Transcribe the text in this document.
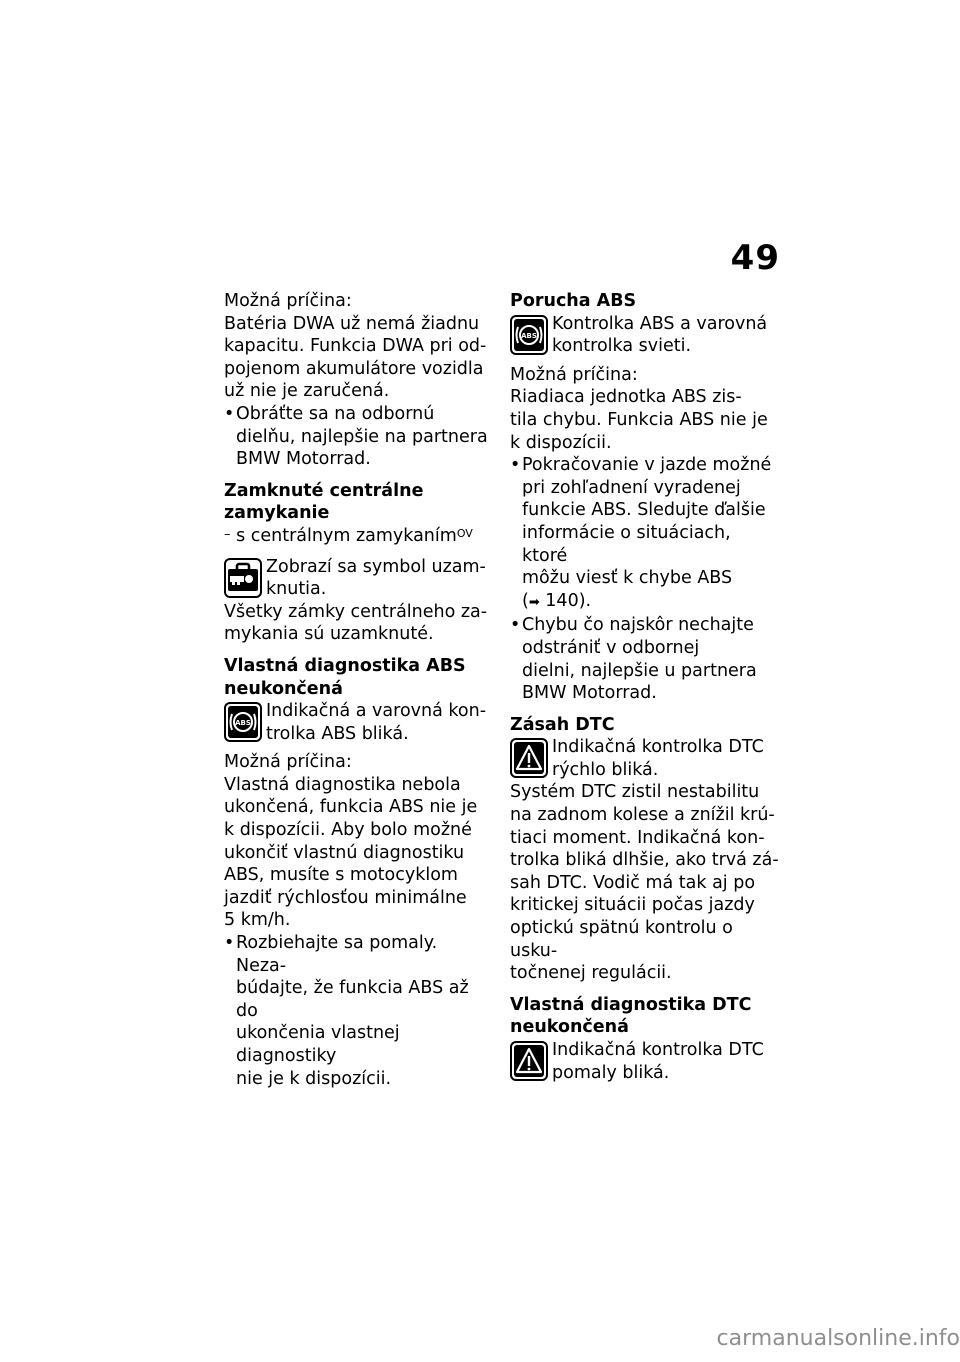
49

Možná príčina:

Batéria DWA už nemá žiadnu

kapacitu. Funkcia DWA pri od-

pojenom akumulátore vozidla

už nie je zaručená.

• Obráťte sa na odbornú

dielňu, najlepšie na partnera

BMW Motorrad.

Zamknuté centrálne

zamykanie

– s centrálnym zamykaním$^{OV}$

Zobrazí sa symbol uzam-

knutia.

Všetky zámky centrálneho za-

mykania sú uzamknuté.

Vlastná diagnostika ABS

neukončená

ABS

Indikačná a varovná kon-

trolka ABS bliká.

Možná príčina:

Vlastná diagnostika nebola

ukončená, funkcia ABS nie je

k dispozícii. Aby bolo možné

ukončiť vlastnú diagnostiku

ABS, musíte s motocyklom

jazdiť rýchlosťou minimálne

5 km/h.

• Rozbiehajte sa pomaly. Neza-

búdajte, že funkcia ABS až do

ukončenia vlastnej diagnostiky

nie je k dispozícii.

Porucha ABS

ABS

Kontrolka ABS a varovná

kontrolka svieti.

Možná príčina:

Riadiaca jednotka ABS zis-

tila chybu. Funkcia ABS nie je

k dispozícii.

• Pokračovanie v jazde možné

pri zohľadnení vyradenej

funkcie ABS. Sledujte ďalšie

informácie o situáciach, ktoré

môžu viesť k chybe ABS

(➡ 140).

• Chybu čo najskôr nechajte

odstrániť v odbornej

dielni, najlepšie u partnera

BMW Motorrad.

Zásah DTC

Indikačná kontrolka DTC

rýchlo bliká.

Systém DTC zistil nestabilitu

na zadnom kolese a znížil krú-

tiaci moment. Indikačná kon-

trolka bliká dlhšie, ako trvá zá-

sah DTC. Vodič má tak aj po

kritickej situácii počas jazdy

optickú spätnú kontrolu o usku-

točnenej regulácii.

Vlastná diagnostika DTC

neukončená

Indikačná kontrolka DTC

pomaly bliká.

carmanualsonline.info
